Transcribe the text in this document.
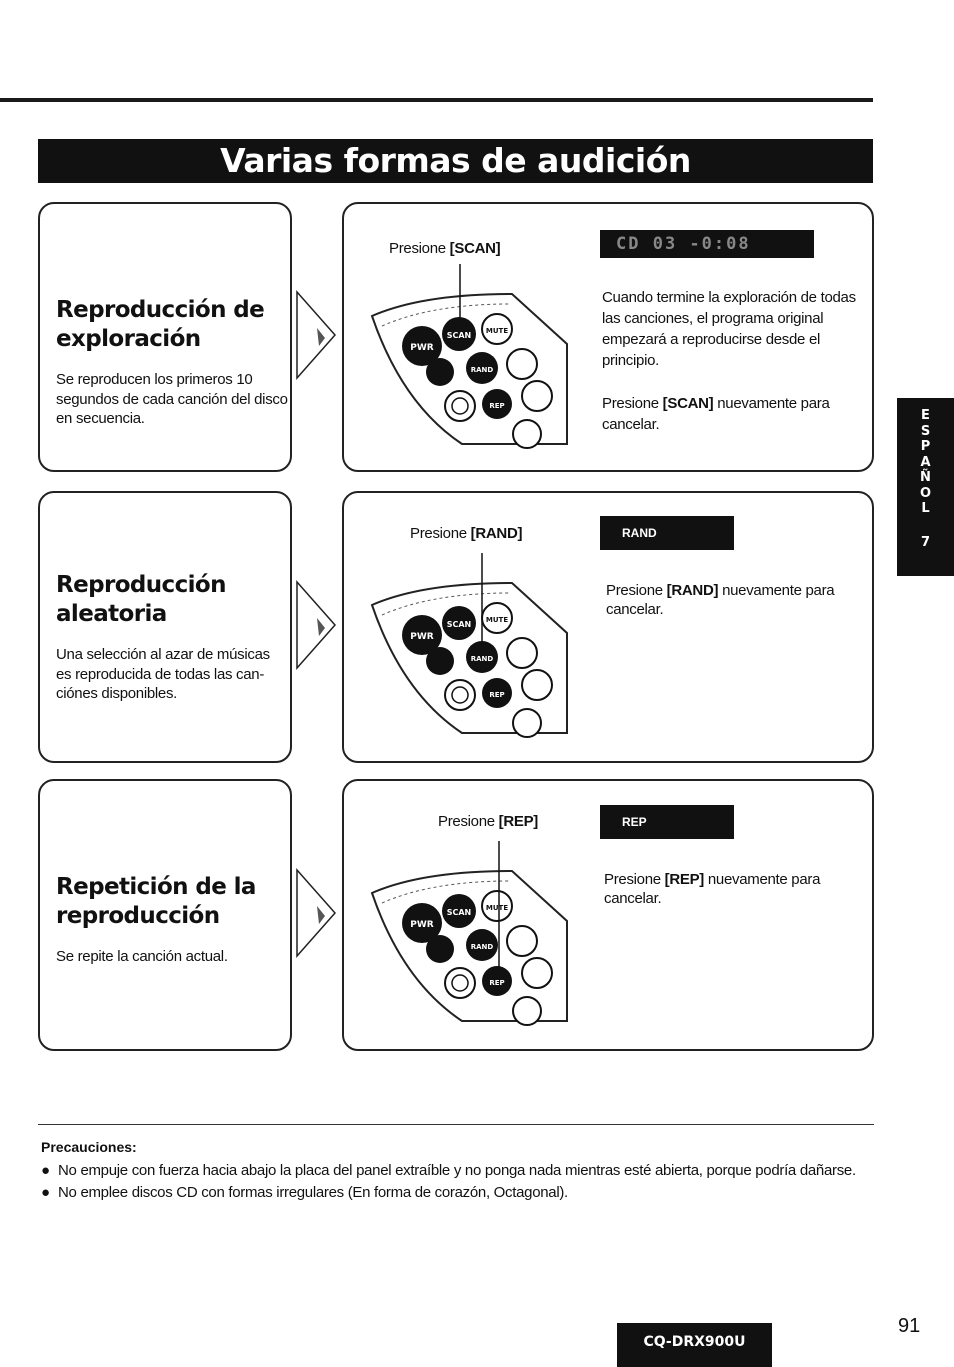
Varias formas de audición
Reproducción de exploración
Se reproducen los primeros 10 segundos de cada canción del disco en secuencia.
Presione [SCAN]	CD 03 -0:08
Cuando termine la exploración de todas las canciones, el programa original empezará a reproducirse desde el principio.
Presione [SCAN] nuevamente para cancelar.
PWR
SCAN MUTE
RAND
REP
Reproducción aleatoria
Una selección al azar de músicas es reproducida de todas las can-ciónes disponibles.
Presione [RAND]	RAND
Presione [RAND] nuevamente para cancelar.
PWR
SCAN MUTE
RAND
REP
Repetición de la reproducción
Se repite la canción actual.
Presione [REP]	REP
Presione [REP] nuevamente para cancelar.
PWR
SCAN MUTE
RAND
REP
E
S
P
A
Ñ
O
L
7
Precauciones:
● No empuje con fuerza hacia abajo la placa del panel extraíble y no ponga nada mientras esté abierta, porque podría dañarse.
● No emplee discos CD con formas irregulares (En forma de corazón, Octagonal).
91
CQ-DRX900U
